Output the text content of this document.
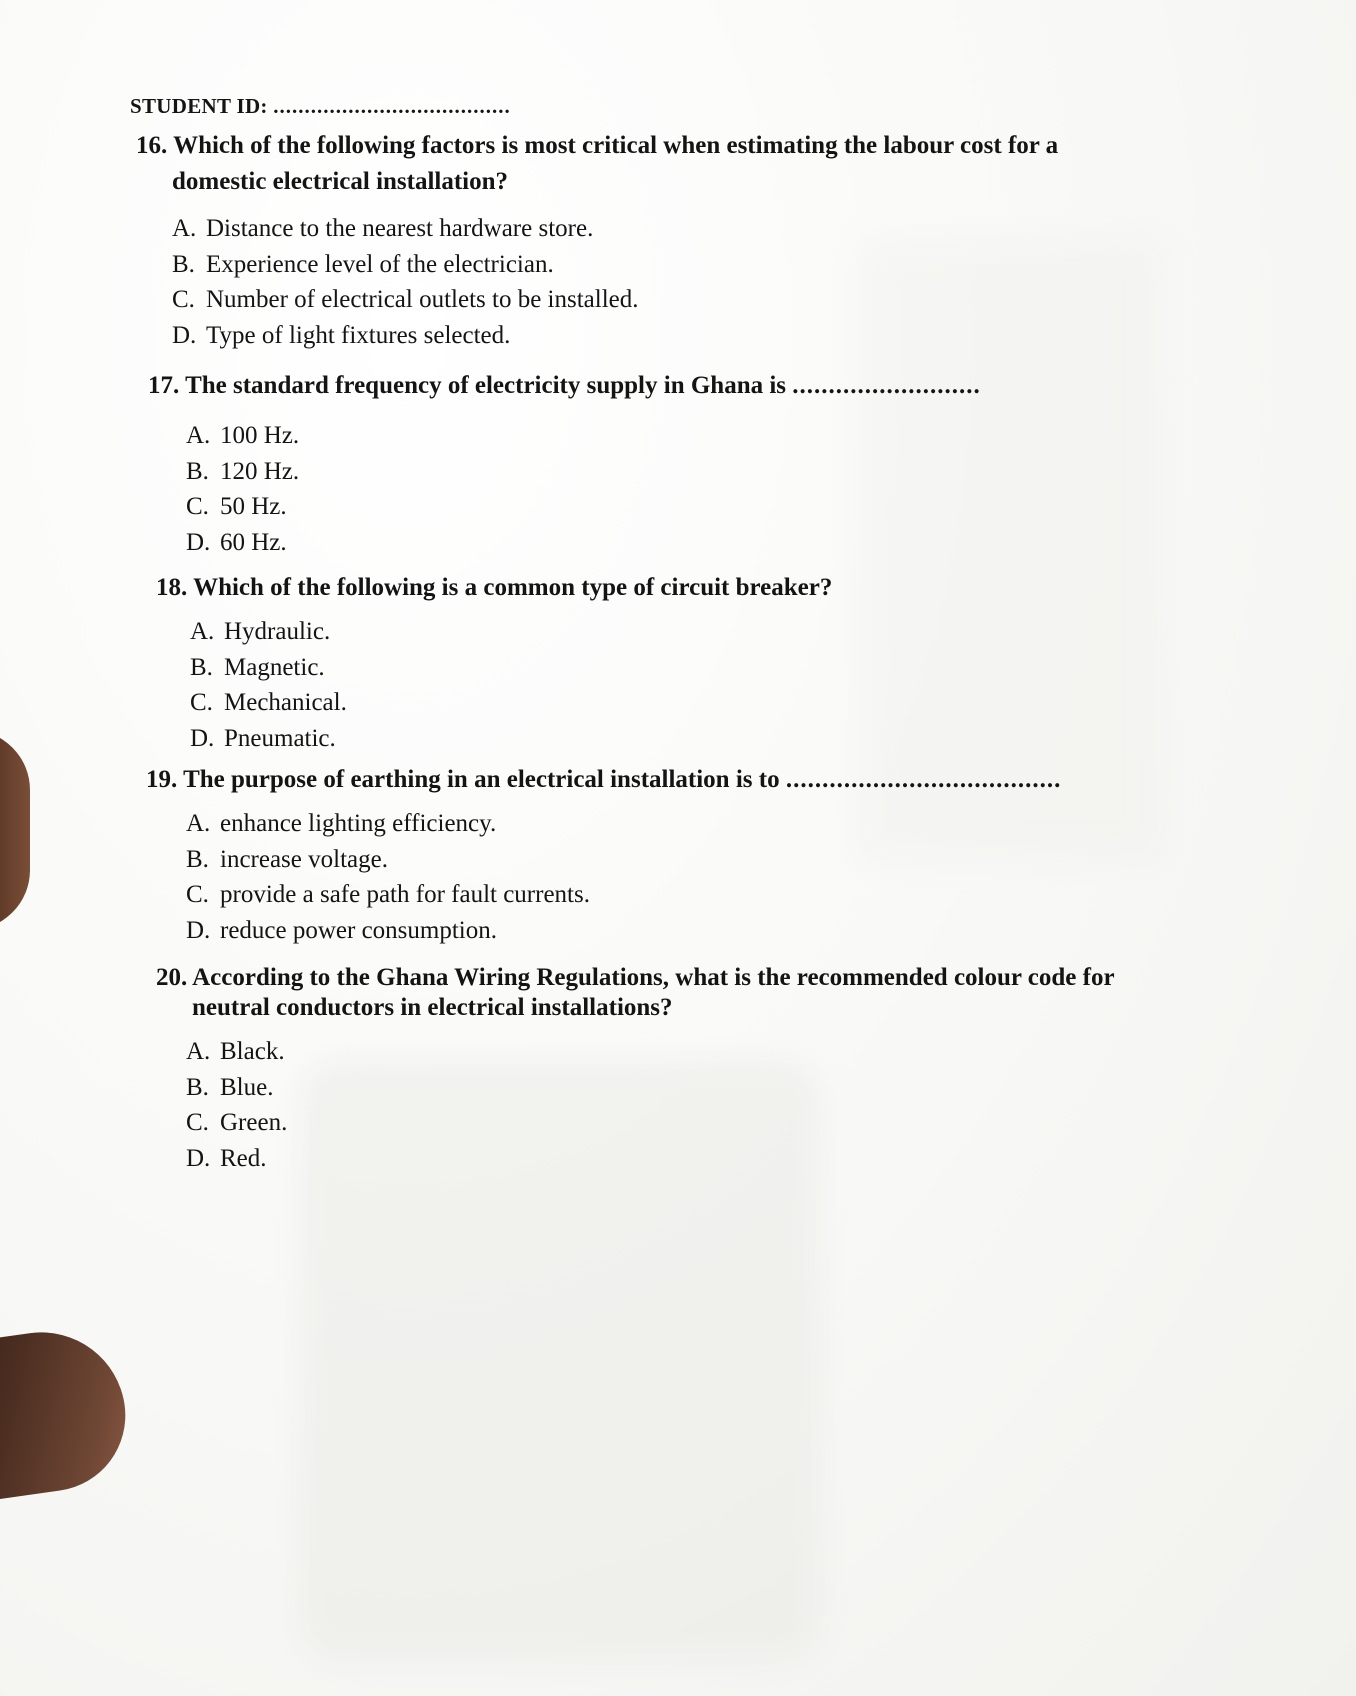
STUDENT ID: ......................................
16. Which of the following factors is most critical when estimating the labour cost for a
domestic electrical installation?
A. Distance to the nearest hardware store.
B. Experience level of the electrician.
C. Number of electrical outlets to be installed.
D. Type of light fixtures selected.
17. The standard frequency of electricity supply in Ghana is ..........................
A. 100 Hz.
B. 120 Hz.
C. 50 Hz.
D. 60 Hz.
18. Which of the following is a common type of circuit breaker?
A. Hydraulic.
B. Magnetic.
C. Mechanical.
D. Pneumatic.
19. The purpose of earthing in an electrical installation is to ......................................
A. enhance lighting efficiency.
B. increase voltage.
C. provide a safe path for fault currents.
D. reduce power consumption.
20. According to the Ghana Wiring Regulations, what is the recommended colour code for
neutral conductors in electrical installations?
A. Black.
B. Blue.
C. Green.
D. Red.
